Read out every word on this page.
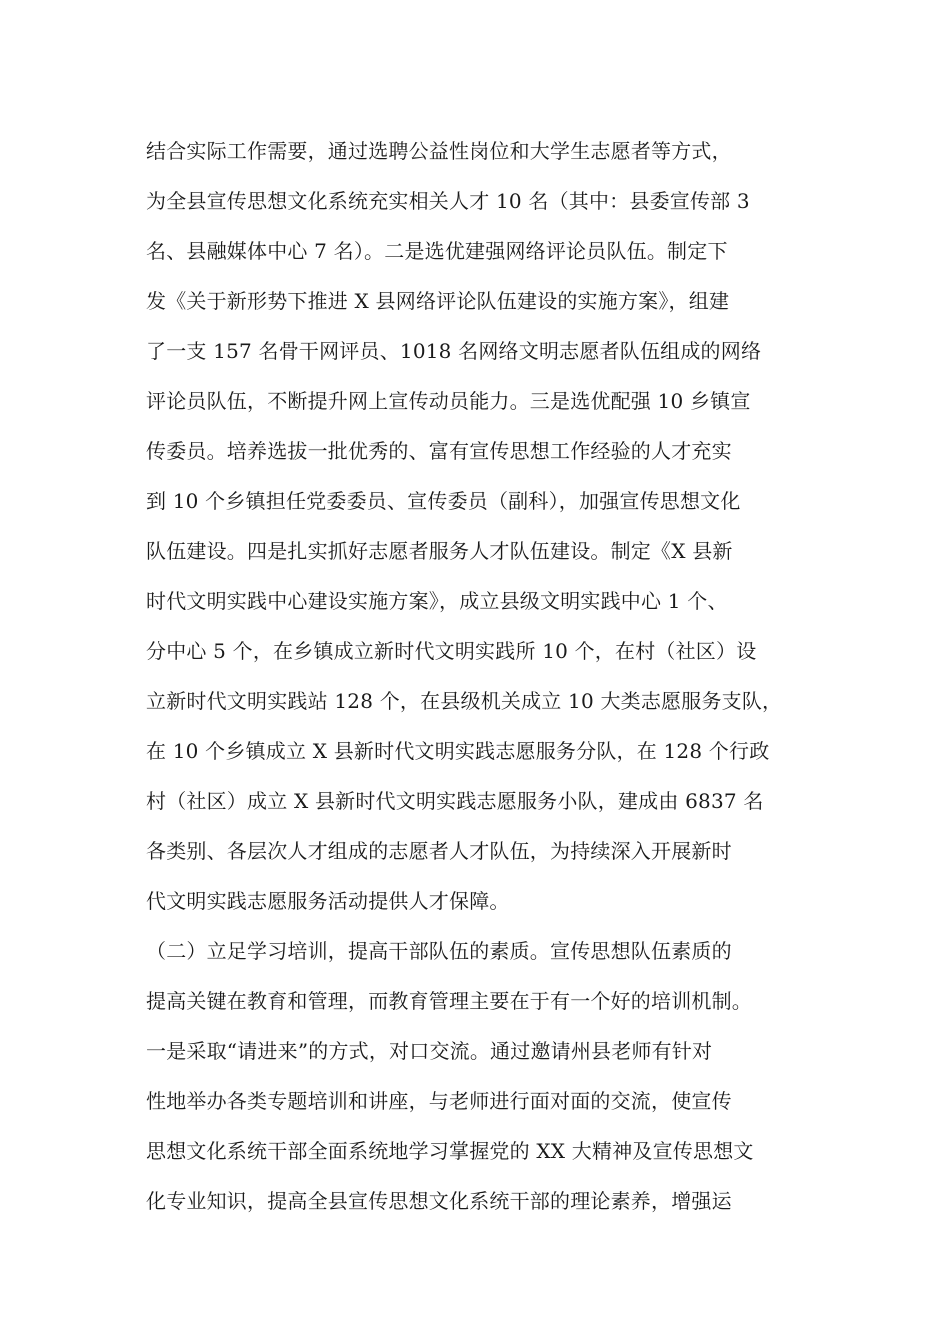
结合实际工作需要，通过选聘公益性岗位和大学生志愿者等方式，
为全县宣传思想文化系统充实相关人才 10 名（其中：县委宣传部 3
名、县融媒体中心 7 名）。二是选优建强网络评论员队伍。制定下
发《关于新形势下推进 X 县网络评论队伍建设的实施方案》，组建
了一支 157 名骨干网评员、1018 名网络文明志愿者队伍组成的网络
评论员队伍，不断提升网上宣传动员能力。三是选优配强 10 乡镇宣
传委员。培养选拔一批优秀的、富有宣传思想工作经验的人才充实
到 10 个乡镇担任党委委员、宣传委员（副科），加强宣传思想文化
队伍建设。四是扎实抓好志愿者服务人才队伍建设。制定《X 县新
时代文明实践中心建设实施方案》，成立县级文明实践中心 1 个、
分中心 5 个，在乡镇成立新时代文明实践所 10 个，在村（社区）设
立新时代文明实践站 128 个，在县级机关成立 10 大类志愿服务支队，
在 10 个乡镇成立 X 县新时代文明实践志愿服务分队，在 128 个行政
村（社区）成立 X 县新时代文明实践志愿服务小队，建成由 6837 名
各类别、各层次人才组成的志愿者人才队伍，为持续深入开展新时
代文明实践志愿服务活动提供人才保障。
（二）立足学习培训，提高干部队伍的素质。宣传思想队伍素质的
提高关键在教育和管理，而教育管理主要在于有一个好的培训机制。
一是采取“请进来”的方式，对口交流。通过邀请州县老师有针对
性地举办各类专题培训和讲座，与老师进行面对面的交流，使宣传
思想文化系统干部全面系统地学习掌握党的 XX 大精神及宣传思想文
化专业知识，提高全县宣传思想文化系统干部的理论素养，增强运
